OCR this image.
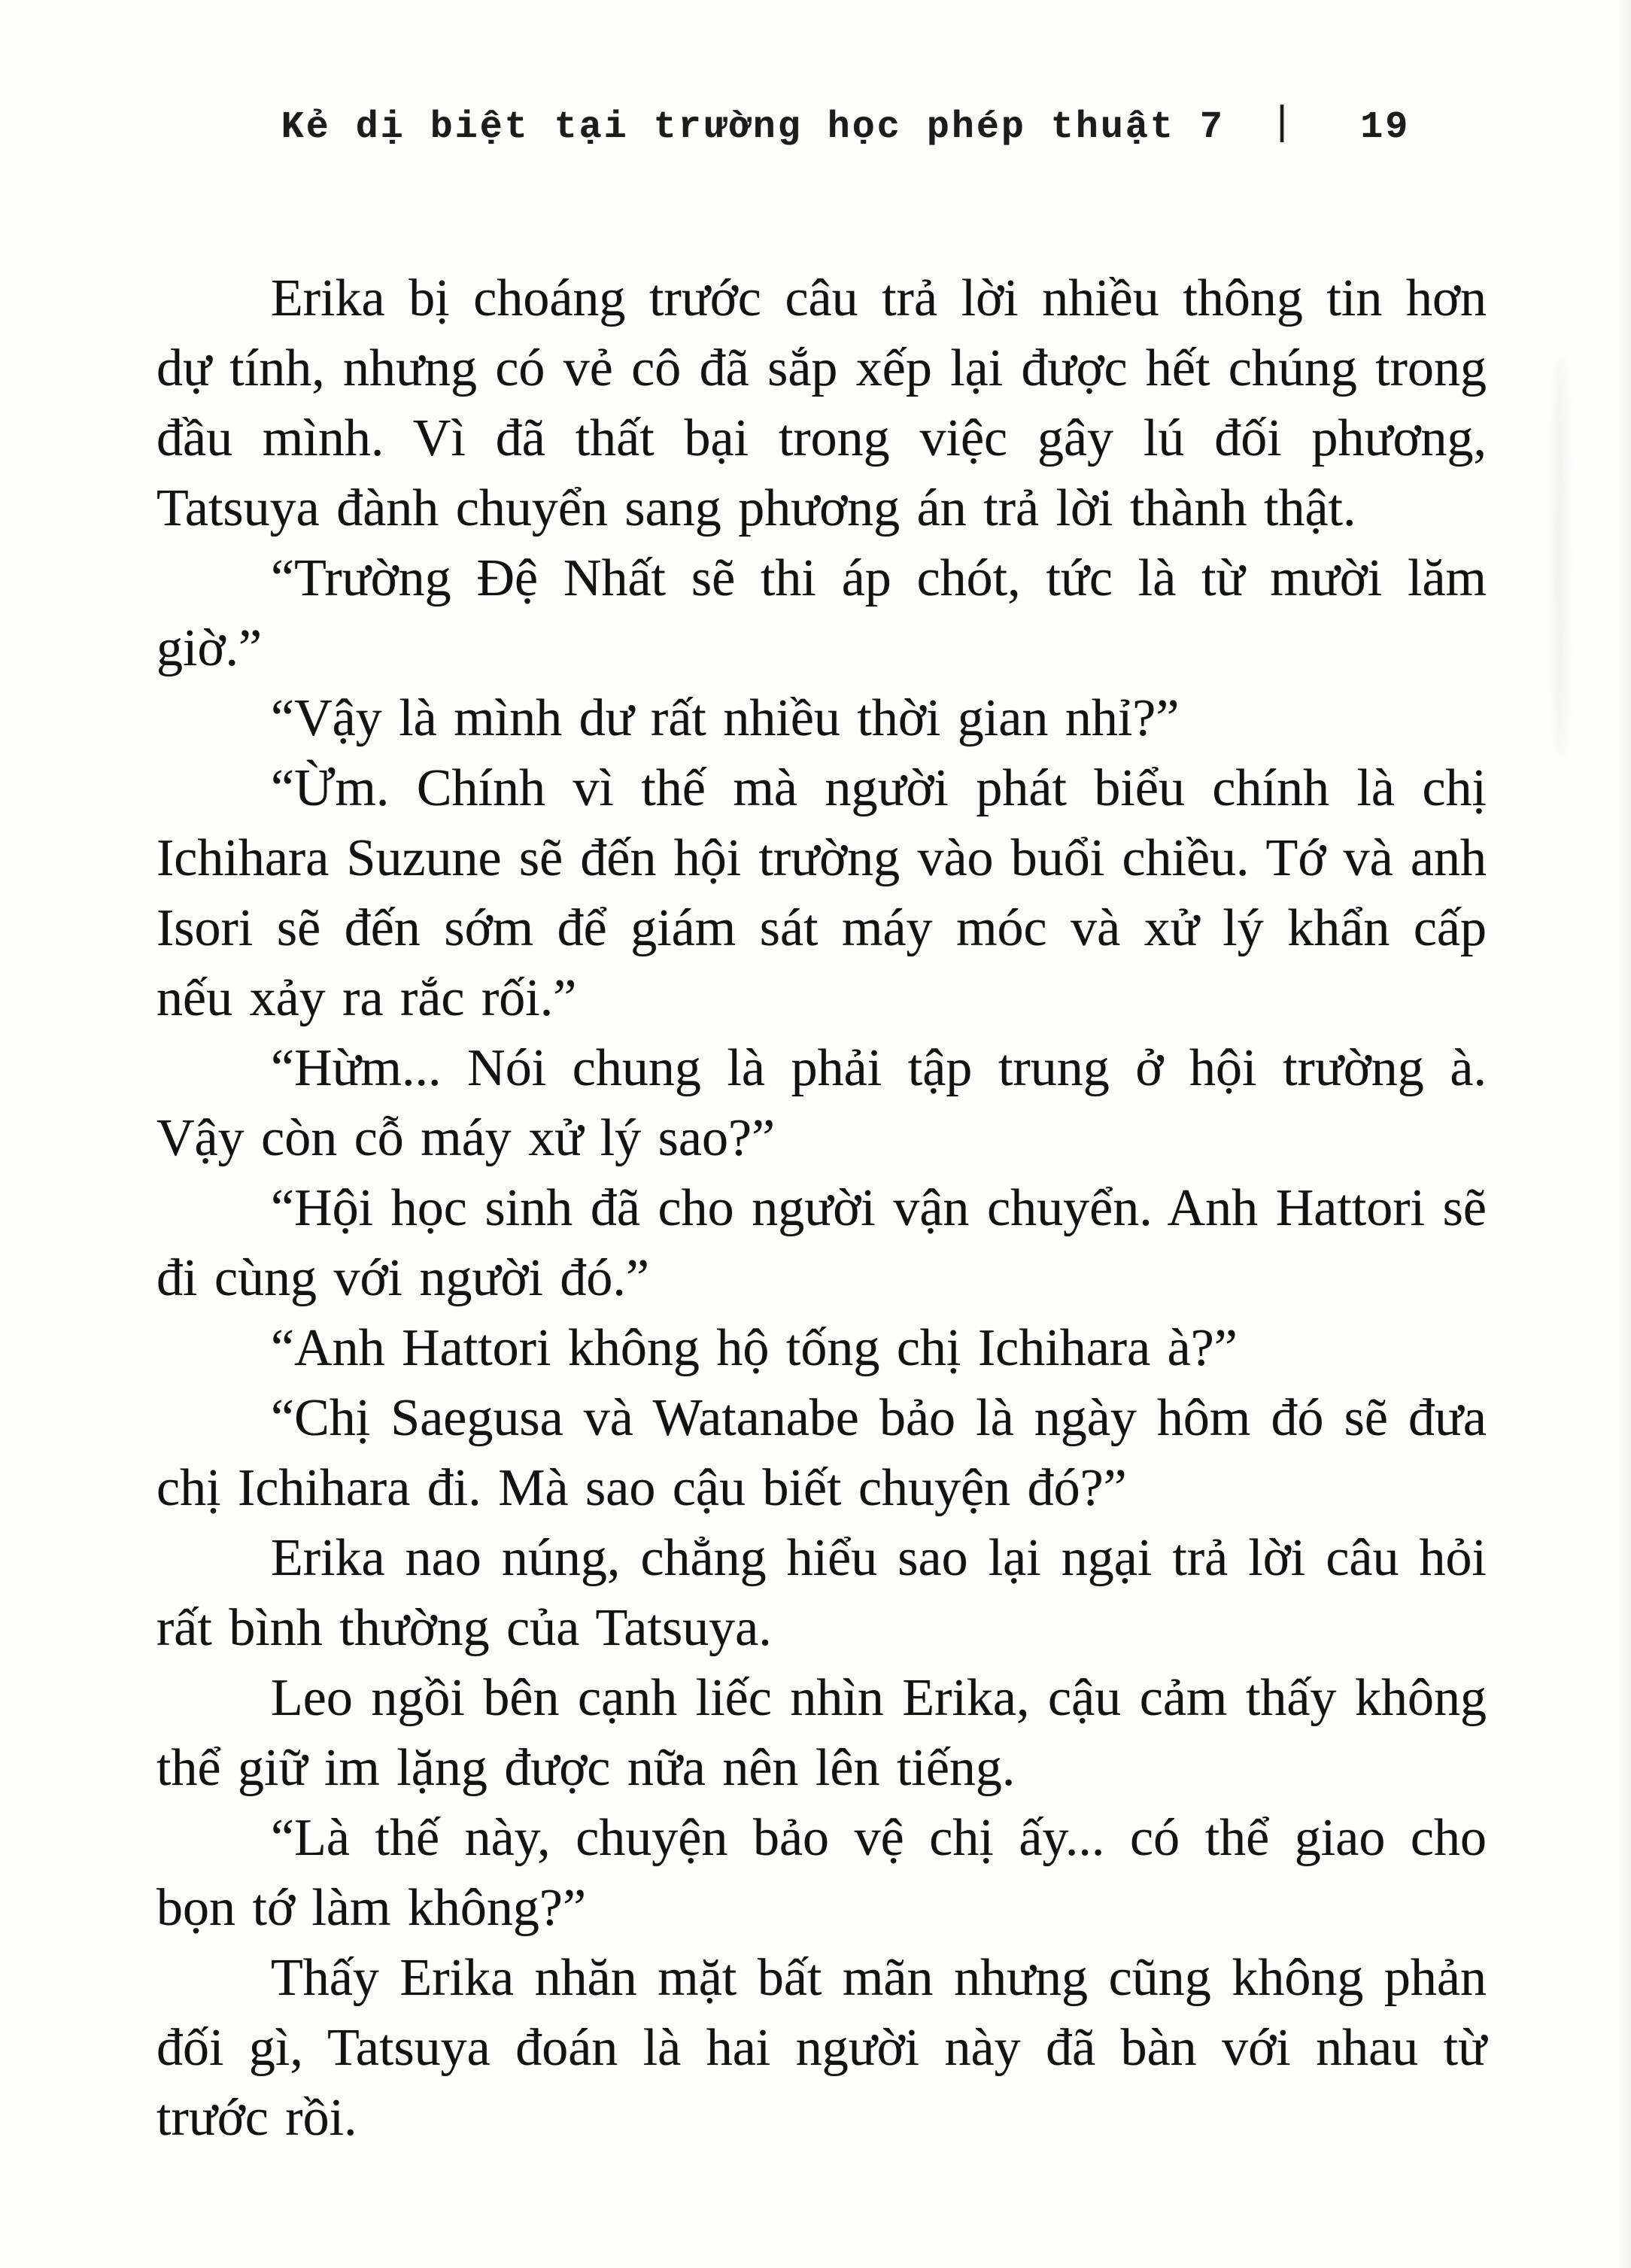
Kẻ dị biệt tại trường học phép thuật 7 | 19

Erika bị choáng trước câu trả lời nhiều thông tin hơn dự tính, nhưng có vẻ cô đã sắp xếp lại được hết chúng trong đầu mình. Vì đã thất bại trong việc gây lú đối phương, Tatsuya đành chuyển sang phương án trả lời thành thật.

“Trường Đệ Nhất sẽ thi áp chót, tức là từ mười lăm giờ.”

“Vậy là mình dư rất nhiều thời gian nhỉ?”

“Ừm. Chính vì thế mà người phát biểu chính là chị Ichihara Suzune sẽ đến hội trường vào buổi chiều. Tớ và anh Isori sẽ đến sớm để giám sát máy móc và xử lý khẩn cấp nếu xảy ra rắc rối.”

“Hừm... Nói chung là phải tập trung ở hội trường à. Vậy còn cỗ máy xử lý sao?”

“Hội học sinh đã cho người vận chuyển. Anh Hattori sẽ đi cùng với người đó.”

“Anh Hattori không hộ tống chị Ichihara à?”

“Chị Saegusa và Watanabe bảo là ngày hôm đó sẽ đưa chị Ichihara đi. Mà sao cậu biết chuyện đó?”

Erika nao núng, chẳng hiểu sao lại ngại trả lời câu hỏi rất bình thường của Tatsuya.

Leo ngồi bên cạnh liếc nhìn Erika, cậu cảm thấy không thể giữ im lặng được nữa nên lên tiếng.

“Là thế này, chuyện bảo vệ chị ấy... có thể giao cho bọn tớ làm không?”

Thấy Erika nhăn mặt bất mãn nhưng cũng không phản đối gì, Tatsuya đoán là hai người này đã bàn với nhau từ trước rồi.
